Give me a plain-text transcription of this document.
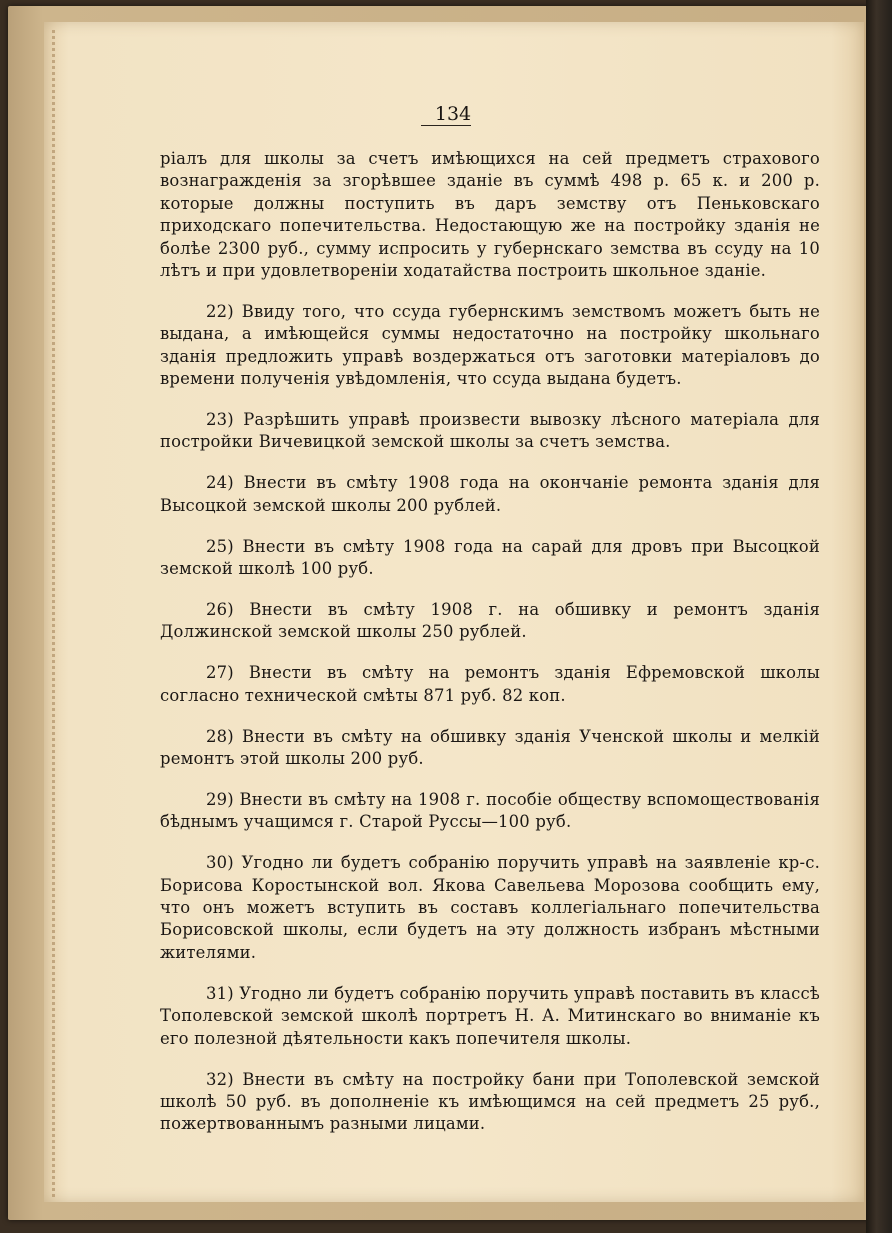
134

ріалъ для школы за счетъ имѣющихся на сей предметъ страхового вознагражденія за згорѣвшее зданіе въ суммѣ 498 р. 65 к. и 200 р. которые должны поступить въ даръ земству отъ Пеньковскаго приходскаго попечительства. Недостающую же на постройку зданія не болѣе 2300 руб., сумму испросить у губернскаго земства въ ссуду на 10 лѣтъ и при удовлетвореніи ходатайства построить школьное зданіе.

22) Ввиду того, что ссуда губернскимъ земствомъ можетъ быть не выдана, а имѣющейся суммы недостаточно на постройку школьнаго зданія предложить управѣ воздержаться отъ заготовки матеріаловъ до времени полученія увѣдомленія, что ссуда выдана будетъ.

23) Разрѣшить управѣ произвести вывозку лѣсного матеріала для постройки Вичевицкой земской школы за счетъ земства.

24) Внести въ смѣту 1908 года на окончаніе ремонта зданія для Высоцкой земской школы 200 рублей.

25) Внести въ смѣту 1908 года на сарай для дровъ при Высоцкой земской школѣ 100 руб.

26) Внести въ смѣту 1908 г. на обшивку и ремонтъ зданія Должинской земской школы 250 рублей.

27) Внести въ смѣту на ремонтъ зданія Ефремовской школы согласно технической смѣты 871 руб. 82 коп.

28) Внести въ смѣту на обшивку зданія Ученской школы и мелкій ремонтъ этой школы 200 руб.

29) Внести въ смѣту на 1908 г. пособіе обществу вспомоществованія бѣднымъ учащимся г. Старой Руссы—100 руб.

30) Угодно ли будетъ собранію поручить управѣ на заявленіе кр-с. Борисова Коростынской вол. Якова Савельева Морозова сообщить ему, что онъ можетъ вступить въ составъ коллегіальнаго попечительства Борисовской школы, если будетъ на эту должность избранъ мѣстными жителями.

31) Угодно ли будетъ собранію поручить управѣ поставить въ классѣ Тополевской земской школѣ портретъ Н. А. Митинскаго во вниманіе къ его полезной дѣятельности какъ попечителя школы.

32) Внести въ смѣту на постройку бани при Тополевской земской школѣ 50 руб. въ дополненіе къ имѣющимся на сей предметъ 25 руб., пожертвованнымъ разными лицами.
